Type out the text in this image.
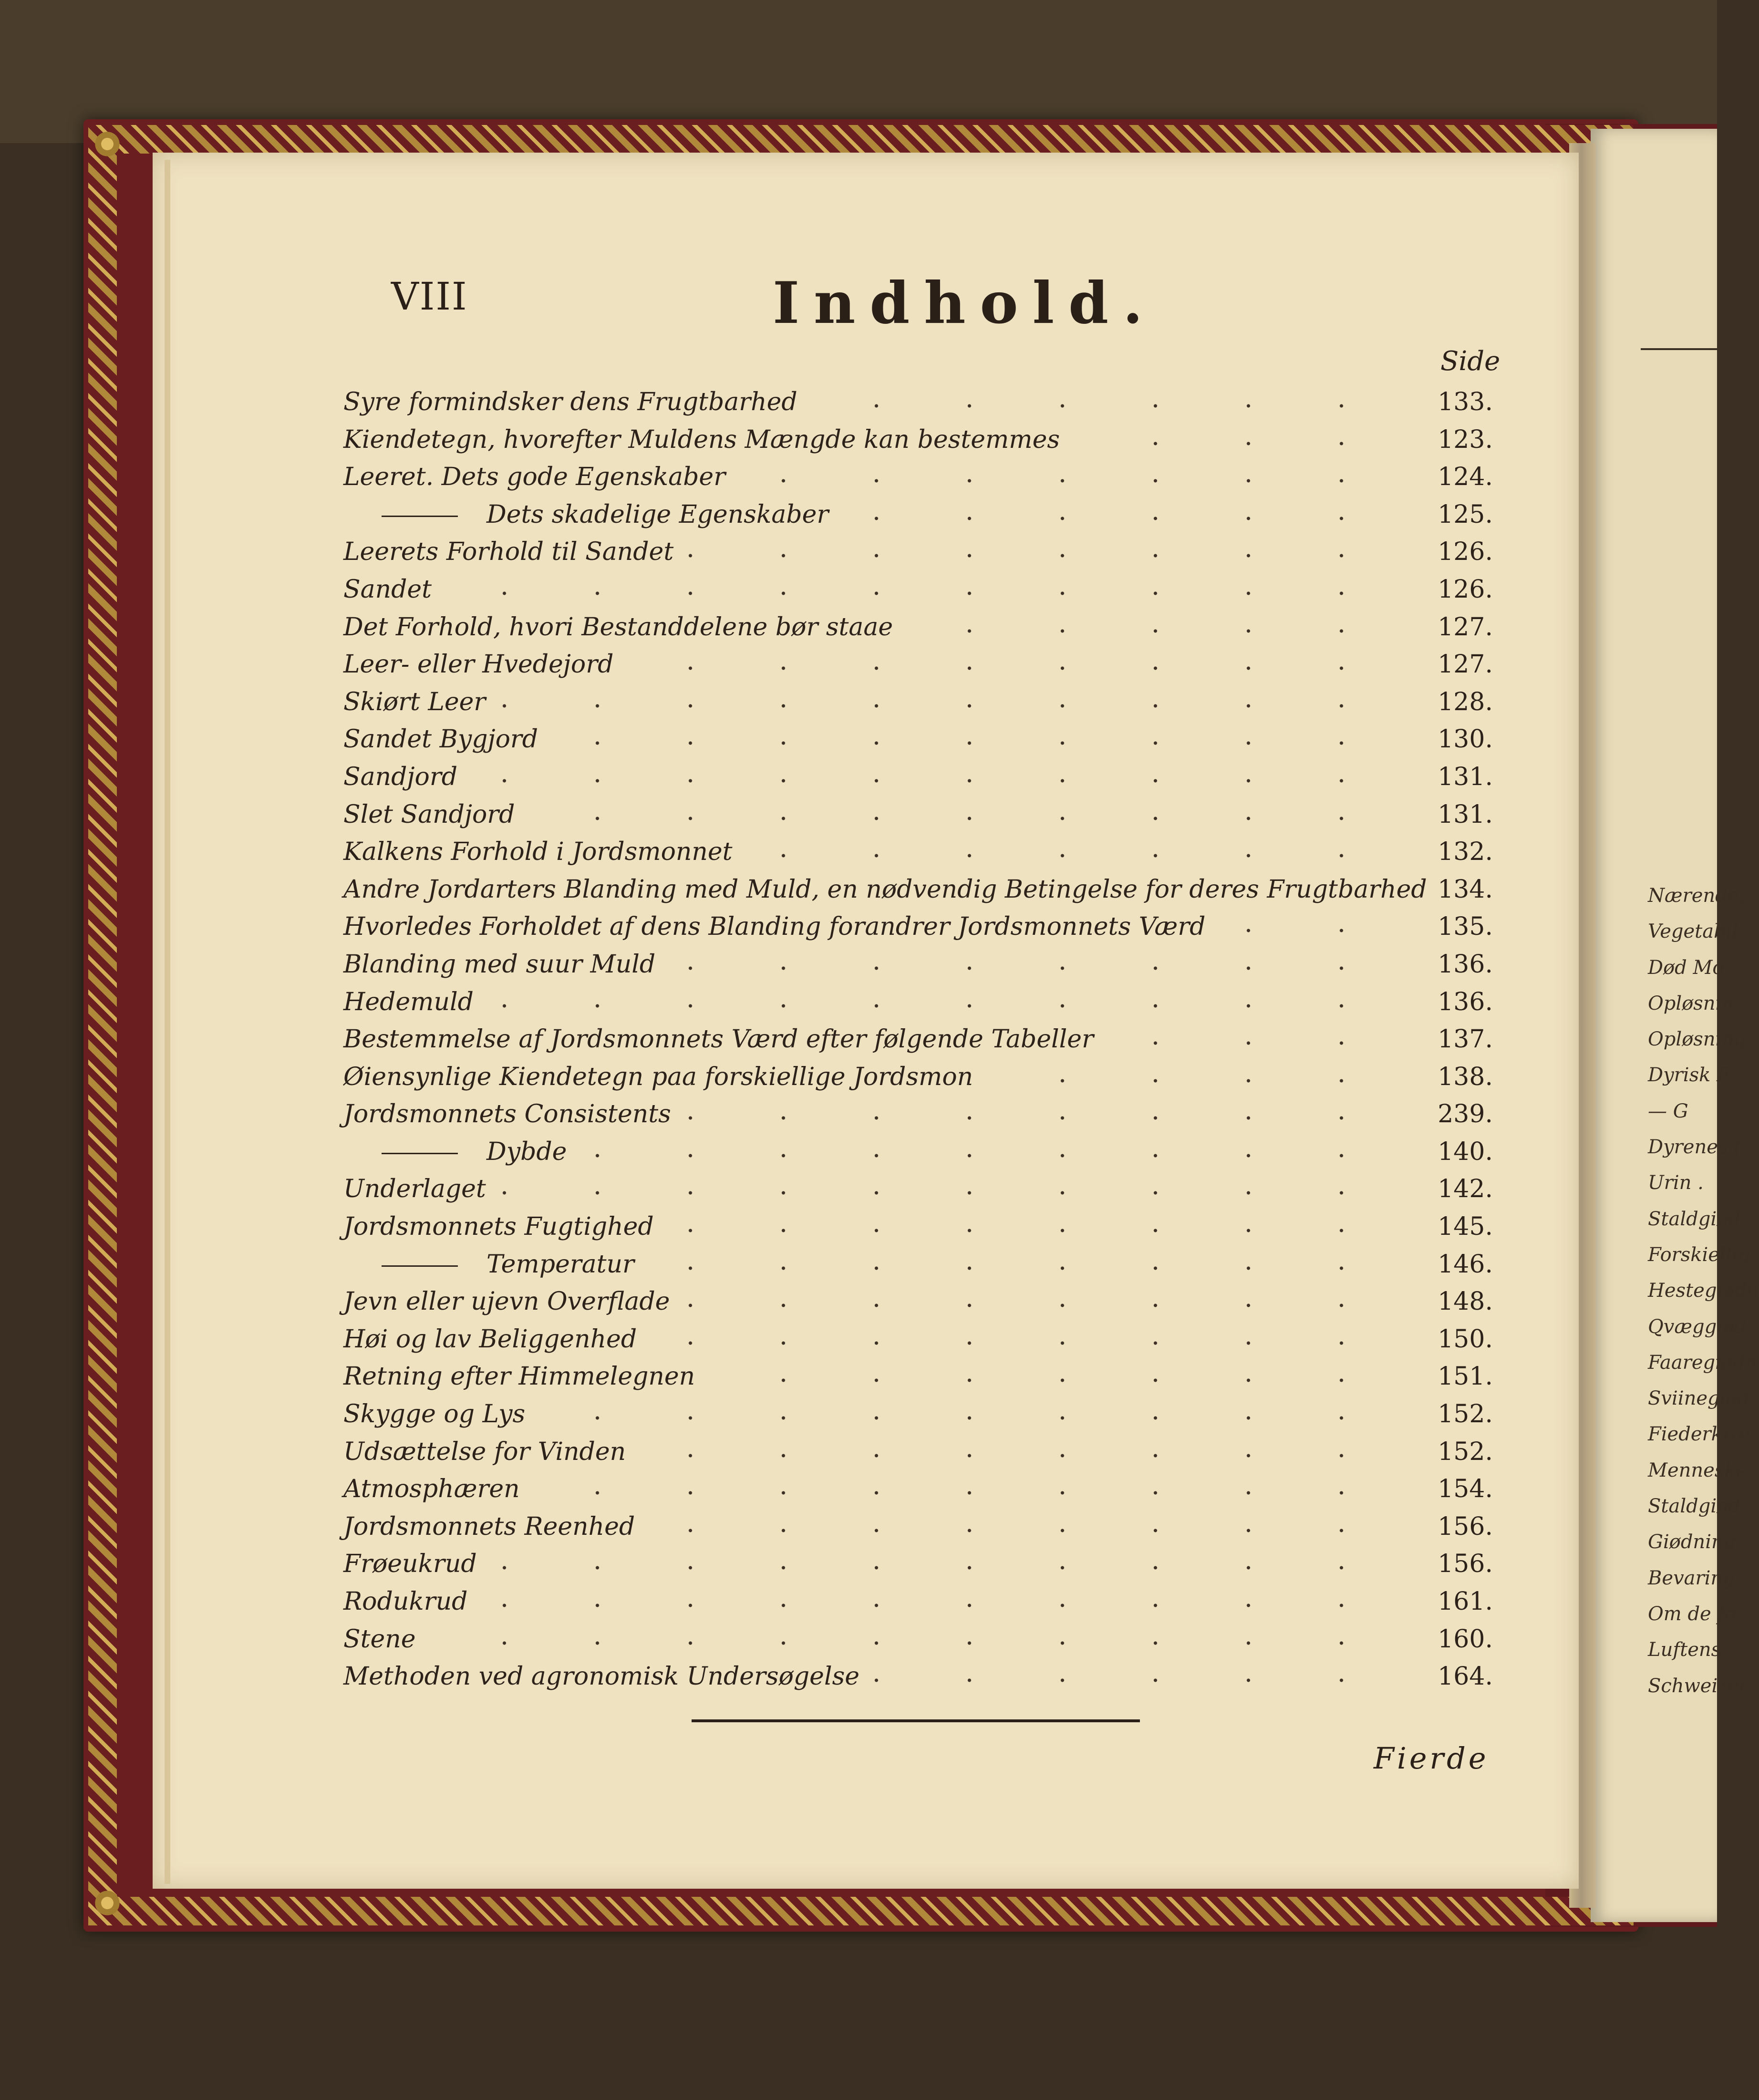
VIII	Indhold.
Side
Syre formindsker dens Frugtbarhed	133.
Kiendetegn, hvorefter Muldens Mængde kan bestemmes	123.
Leeret. Dets gode Egenskaber	124.
Dets skadelige Egenskaber	125.
Leerets Forhold til Sandet	126.
Sandet	126.
Det Forhold, hvori Bestanddelene bør staae	127.
Leer- eller Hvedejord	127.
Skiørt Leer	128.
Sandet Bygjord	130.
Sandjord	131.
Slet Sandjord	131.
Kalkens Forhold i Jordsmonnet	132.
Andre Jordarters Blanding med Muld, en nødvendig Betingelse for deres Frugtbarhed 134.
Hvorledes Forholdet af dens Blanding forandrer Jordsmonnets Værd	135.
Blanding med suur Muld	136.
Hedemuld	136.
Bestemmelse af Jordsmonnets Værd efter følgende Tabeller	137.
Øiensynlige Kiendetegn paa forskiellige Jordsmon	138.
Jordsmonnets Consistents	239.
Dybde	140.
Underlaget	142.
Jordsmonnets Fugtighed	145.
Temperatur	146.
Jevn eller ujevn Overflade	148.
Høi og lav Beliggenhed	150.
Retning efter Himmelegnen	151.
Skygge og Lys	152.
Udsættelse for Vinden	152.
Atmosphæren	154.
Jordsmonnets Reenhed	156.
Frøeukrud	156.
Rodukrud	161.
Stene	160.
Methoden ved agronomisk Undersøgelse	164.
Fierde
Nærende,
Vegetabil
Død Mo
Opløsnin
Opløsning
Dyrisk F
— G
Dyrenes (
Urin .
Staldgiød
Forskiellig
Hestegiødn
Qvæggiød
Faaregiødn
Sviinegiød
Fiederkræ
Menneske
Staldgiød
Giødning
Bevaring
Om de fo
Luftens
Schweizer
